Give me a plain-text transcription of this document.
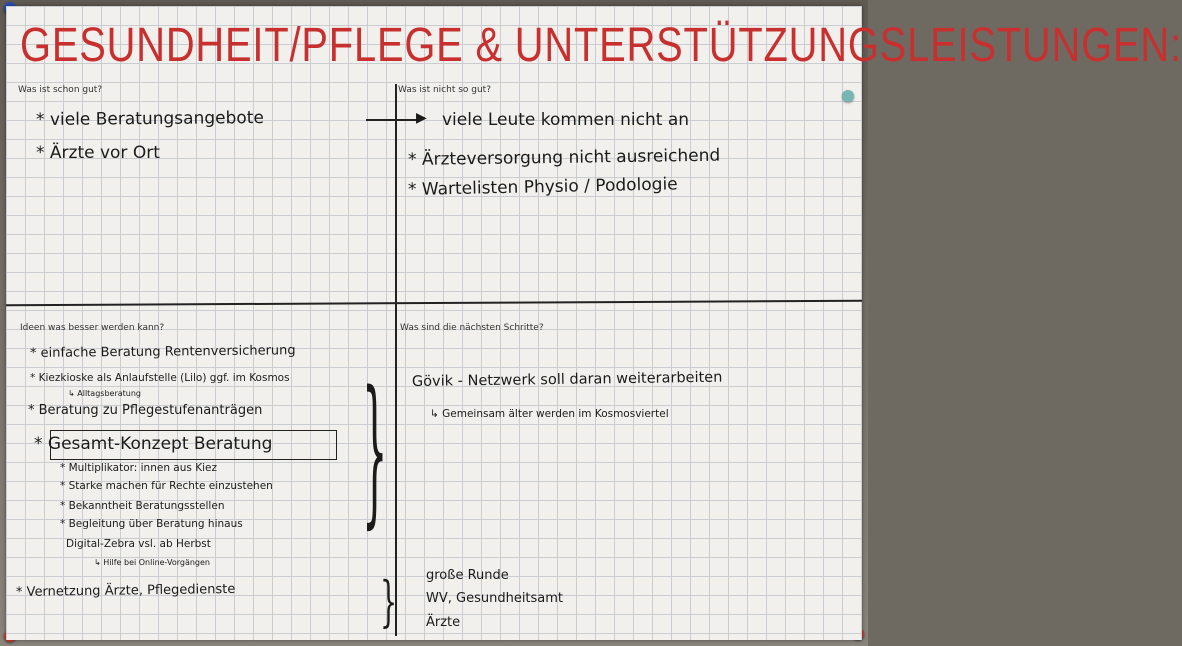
GESUNDHEIT/PFLEGE & UNTERSTÜTZUNGSLEISTUNGEN:
Was ist schon gut?
* viele Beratungsangebote
* Ärzte vor Ort
▶
Was ist nicht so gut?
viele Leute kommen nicht an
* Ärzteversorgung nicht ausreichend
* Wartelisten Physio / Podologie
Ideen was besser werden kann?
* einfache Beratung Rentenversicherung
* Kiezkioske als Anlaufstelle (Lilo) ggf. im Kosmos
↳ Alltagsberatung
* Beratung zu Pflegestufenanträgen
* Gesamt-Konzept Beratung
* Multiplikator: innen aus Kiez
* Starke machen für Rechte einzustehen
* Bekanntheit Beratungsstellen
* Begleitung über Beratung hinaus
Digital-Zebra vsl. ab Herbst
↳ Hilfe bei Online-Vorgängen
* Vernetzung Ärzte, Pflegedienste
}
}
Was sind die nächsten Schritte?
Gövik - Netzwerk soll daran weiterarbeiten
↳ Gemeinsam älter werden im Kosmosviertel
große Runde
WV, Gesundheitsamt
Ärzte
